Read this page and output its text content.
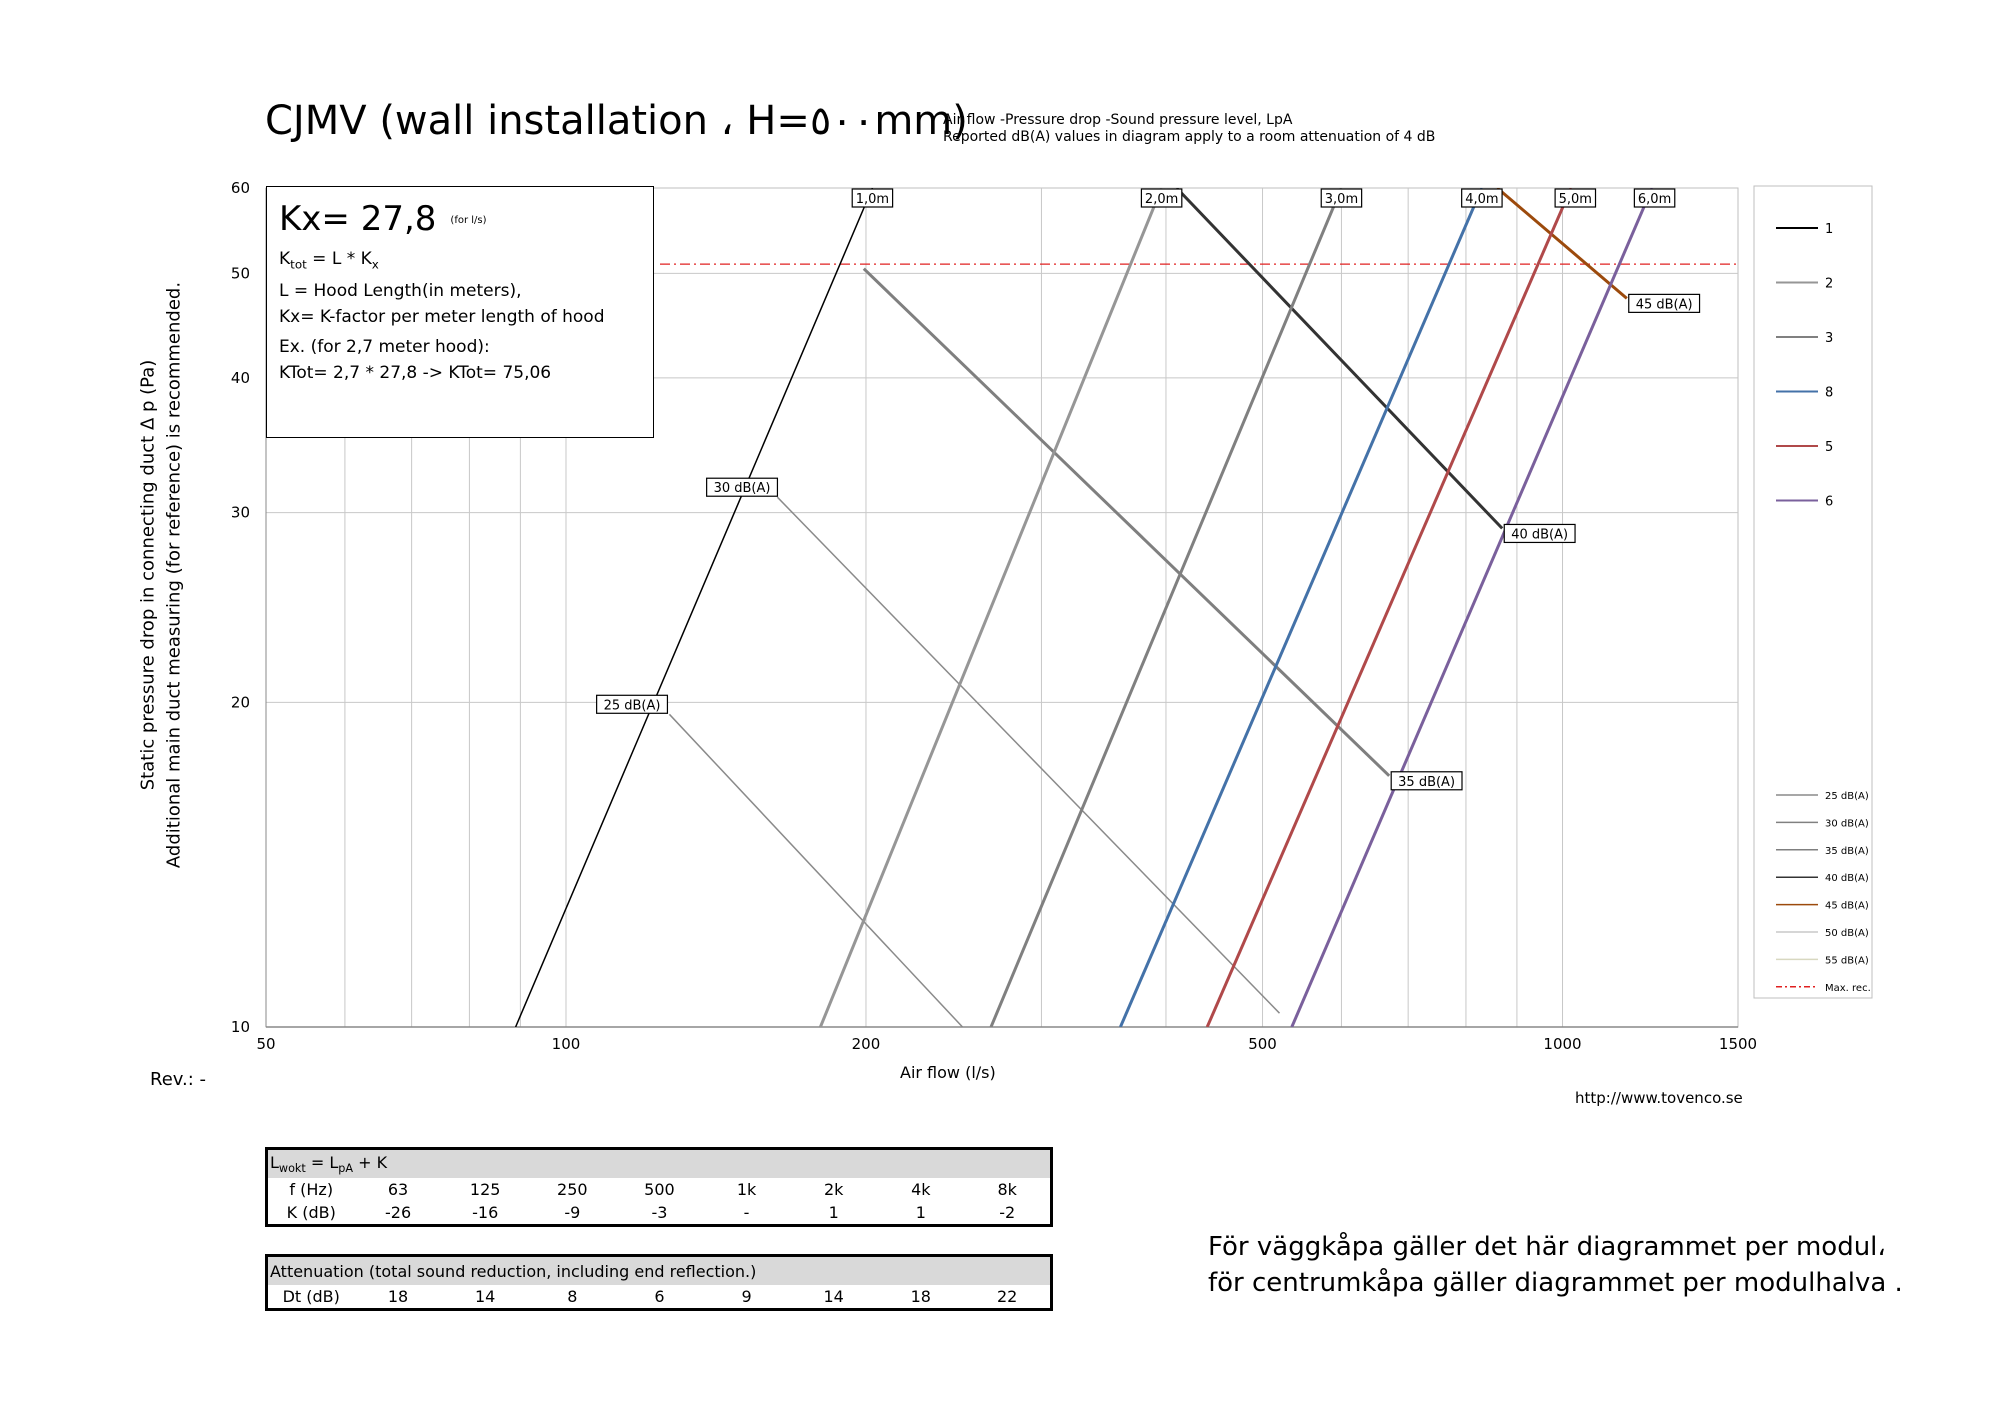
CJMV (wall installation ، H=٥٠٠mm)
Air flow -Pressure drop -Sound pressure level, LpA
Reported dB(A) values in diagram apply to a room attenuation of 4 dB
50	100	200	500	1000	1500
10
20
30
40
50
60
1,0m	2,0m	3,0m	4,0m	5,0m	6,0m
25 dB(A)
30 dB(A)
35 dB(A)
40 dB(A)
45 dB(A)
1
2
3
8
5
6
25 dB(A)
30 dB(A)
35 dB(A)
40 dB(A)
45 dB(A)
50 dB(A)
55 dB(A)
Max. rec.
Kx= 27,8 (for l/s)
$K_{tot} = L * K_x$
L = Hood Length(in meters),
Kx= K-factor per meter length of hood
Ex. (for 2,7 meter hood):
KTot= 2,7 * 27,8 -> KTot= 75,06
Static pressure drop in connecting duct Δ p (Pa) Additional main duct measuring (for reference) is recommended.
Air flow (l/s)
Rev.: -
http://www.tovenco.se
$L_{wokt} = L_{pA} + K$								
f (Hz)	63	125	250	500	1k	2k	4k	8k
K (dB)	-26	-16	-9	-3	-	1	1	-2
Attenuation (total sound reduction, including end reflection.)
Dt (dB)	18	14	8	6	9	14	18	22
För väggkåpa gäller det här diagrammet per modul،
för centrumkåpa gäller diagrammet per modulhalva .
